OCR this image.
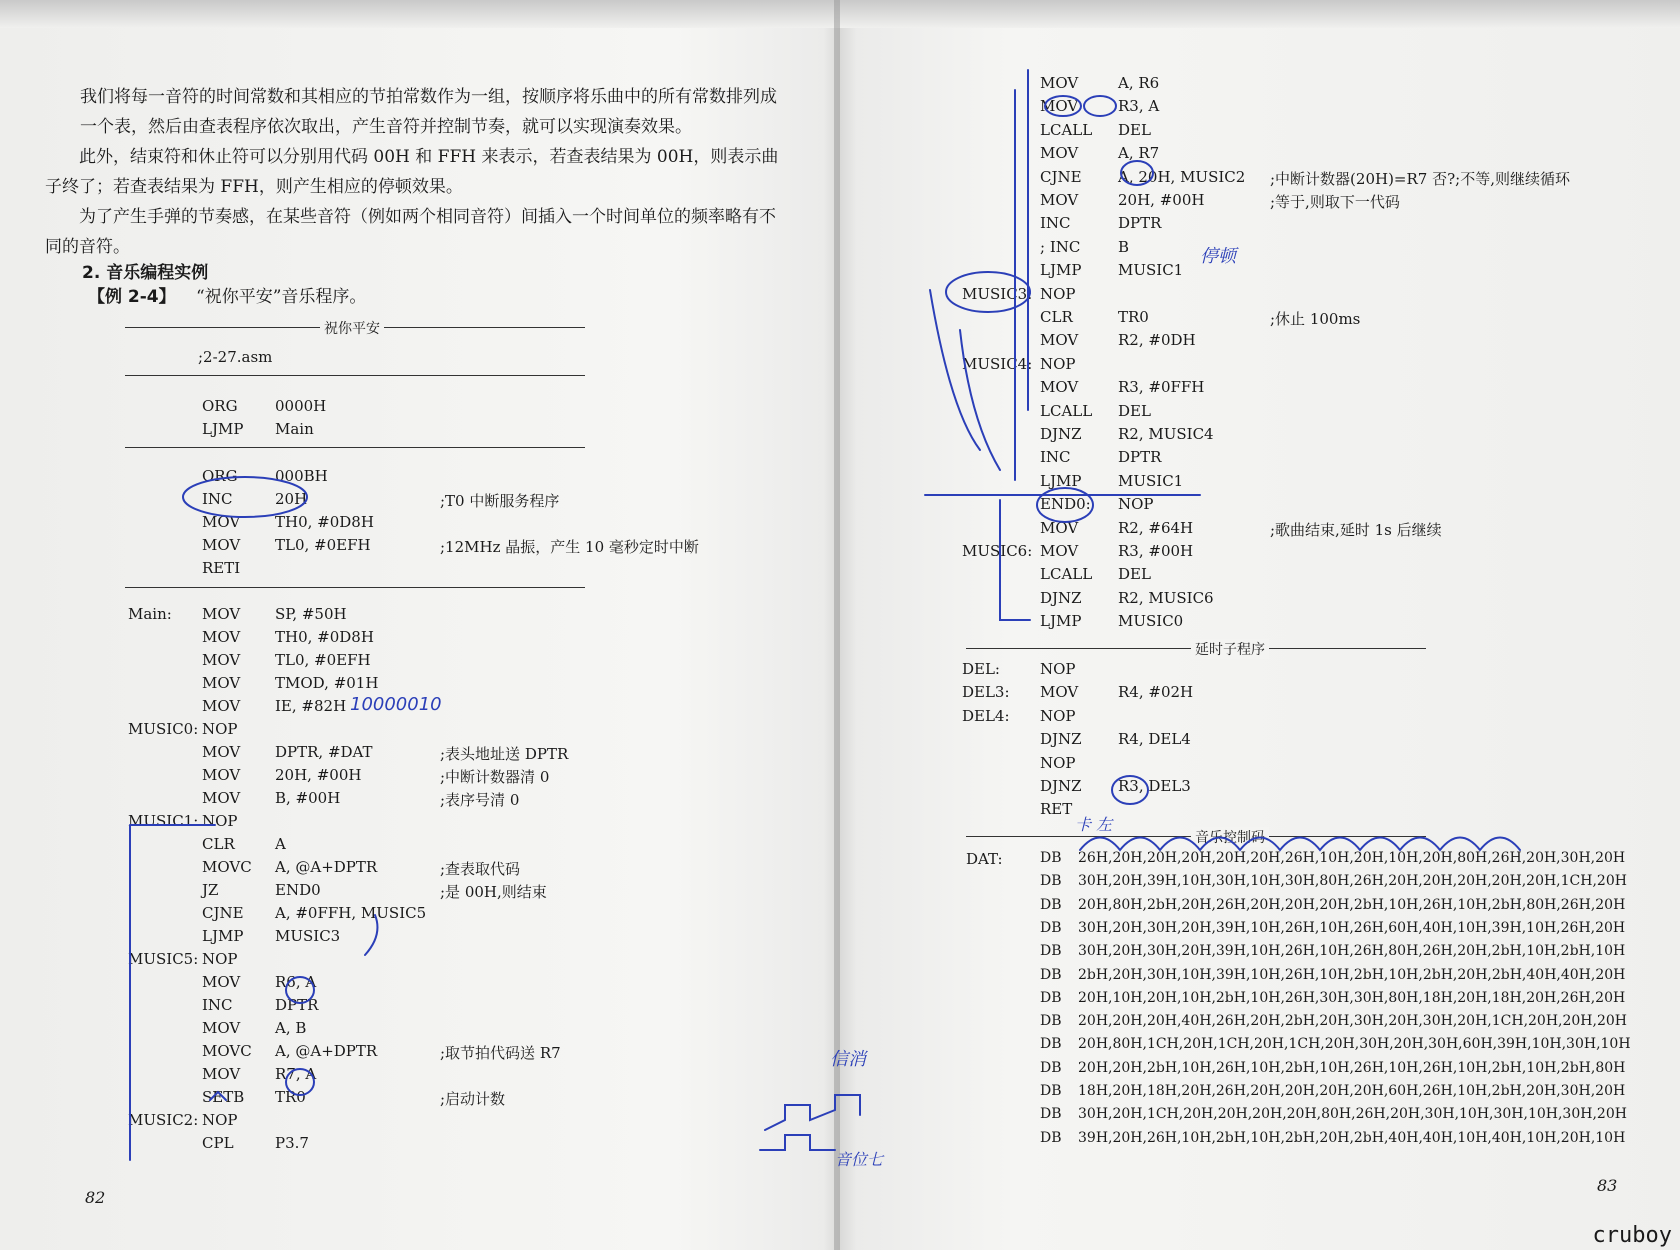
我们将每一音符的时间常数和其相应的节拍常数作为一组，按顺序将乐曲中的所有常数排列成一个表，然后由查表程序依次取出，产生音符并控制节奏，就可以实现演奏效果。

此外，结束符和休止符可以分别用代码 00H 和 FFH 来表示，若查表结果为 00H，则表示曲子终了；若查表结果为 FFH，则产生相应的停顿效果。

为了产生手弹的节奏感，在某些音符（例如两个相同音符）间插入一个时间单位的频率略有不同的音符。

2. 音乐编程实例
【例 2-4】 “祝你平安”音乐程序。
祝你平安
;2-27.asm
ORG 0000H
LJMP Main
ORG 000BH
INC	20H	;T0 中断服务程序
MOV TH0, #0D8H
MOV TL0, #0EFH	;12MHz 晶振，产生 10 毫秒定时中断
RETI
Main: MOV SP, #50H
MOV TH0, #0D8H
MOV TL0, #0EFH
MOV TMOD, #01H
MOV IE, #82H
MUSIC0: NOP
MOV DPTR, #DAT	;表头地址送 DPTR
MOV 20H, #00H	;中断计数器清 0
MOV B, #00H	;表序号清 0
MUSIC1: NOP
CLR	A
MOVC A, @A+DPTR	;查表取代码
JZ	END0	;是 00H,则结束
CJNE A, #0FFH, MUSIC5
LJMP MUSIC3
MUSIC5: NOP
MOV R6, A
INC	DPTR
MOV A, B
MOVC A, @A+DPTR	;取节拍代码送 R7
MOV R7, A
SETB TR0	;启动计数
MUSIC2: NOP
CPL	P3.7
82
MOV	A, R6
MOV	R3, A
LCALL DEL
MOV	A, R7
CJNE A, 20H, MUSIC2 ;中断计数器(20H)=R7 否?;不等,则继续循环
MOV	20H, #00H	;等于,则取下一代码
INC	DPTR
; INC	B
LJMP MUSIC1
MUSIC3: NOP
CLR	TR0	;休止 100ms
MOV	R2, #0DH
MUSIC4: NOP
MOV	R3, #0FFH
LCALL DEL
DJNZ R2, MUSIC4
INC	DPTR
LJMP MUSIC1
END0: NOP
MOV	R2, #64H	;歌曲结束,延时 1s 后继续
MUSIC6: MOV	R3, #00H
LCALL DEL
DJNZ R2, MUSIC6
LJMP MUSIC0
延时子程序
DEL:	NOP
DEL3: MOV	R4, #02H
DEL4: NOP
DJNZ R4, DEL4
NOP
DJNZ R3, DEL3
RET
音乐控制码
DAT:	DB 26H,20H,20H,20H,20H,20H,26H,10H,20H,10H,20H,80H,26H,20H,30H,20H
DB 30H,20H,39H,10H,30H,10H,30H,80H,26H,20H,20H,20H,20H,20H,1CH,20H
DB 20H,80H,2bH,20H,26H,20H,20H,20H,2bH,10H,26H,10H,2bH,80H,26H,20H
DB 30H,20H,30H,20H,39H,10H,26H,10H,26H,60H,40H,10H,39H,10H,26H,20H
DB 30H,20H,30H,20H,39H,10H,26H,10H,26H,80H,26H,20H,2bH,10H,2bH,10H
DB 2bH,20H,30H,10H,39H,10H,26H,10H,2bH,10H,2bH,20H,2bH,40H,40H,20H
DB 20H,10H,20H,10H,2bH,10H,26H,30H,30H,80H,18H,20H,18H,20H,26H,20H
DB 20H,20H,20H,40H,26H,20H,2bH,20H,30H,20H,30H,20H,1CH,20H,20H,20H
DB 20H,80H,1CH,20H,1CH,20H,1CH,20H,30H,20H,30H,60H,39H,10H,30H,10H
DB 20H,20H,2bH,10H,26H,10H,2bH,10H,26H,10H,26H,10H,2bH,10H,2bH,80H
DB 18H,20H,18H,20H,26H,20H,20H,20H,20H,60H,26H,10H,2bH,20H,30H,20H
DB 30H,20H,1CH,20H,20H,20H,20H,80H,26H,20H,30H,10H,30H,10H,30H,20H
DB 39H,20H,26H,10H,2bH,10H,2bH,20H,2bH,40H,40H,10H,40H,10H,20H,10H
83
10000010
信消
音位七
停顿
卡 左
cruboy
